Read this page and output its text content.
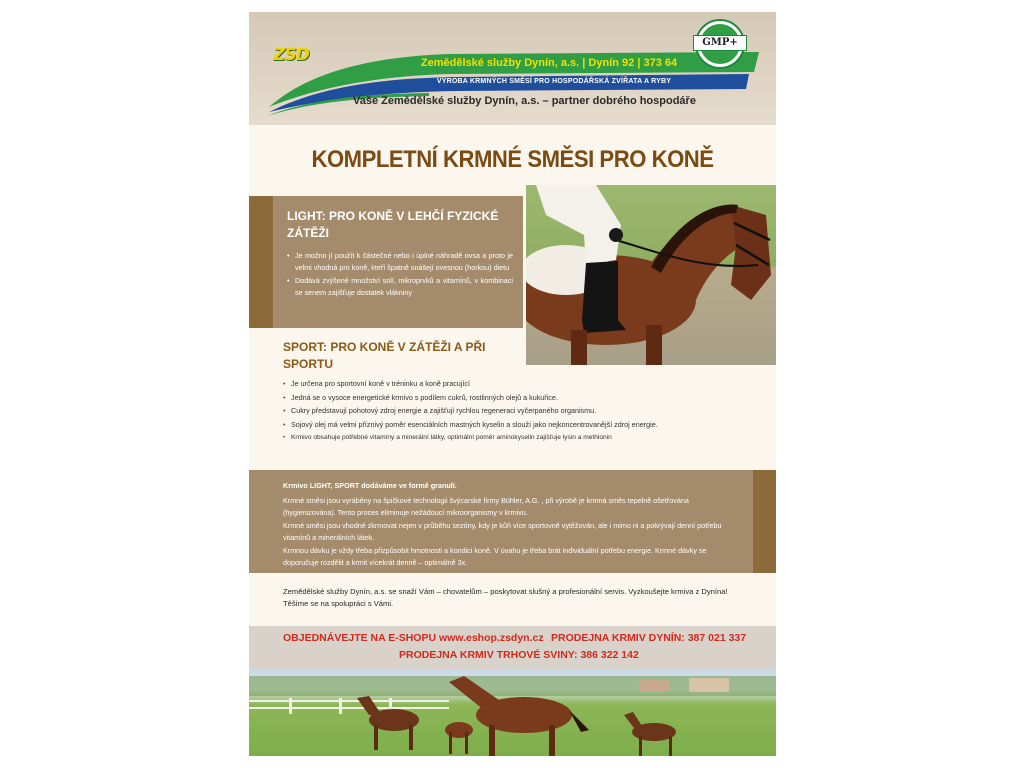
ZSD	Zemědělské služby Dynín, a.s. | Dynín 92 | 373 64
VÝROBA KRMNÝCH SMĚSÍ PRO HOSPODÁŘSKÁ ZVÍŘATA A RYBY
Vaše Zemědělské služby Dynín, a.s. – partner dobrého hospodáře
GMP+
KOMPLETNÍ KRMNÉ SMĚSI PRO KONĚ
LIGHT: PRO KONĚ V LEHČÍ FYZICKÉ ZÁTĚŽI
• Je možno jí použít k částečné nebo i úplné náhradě ovsa a proto je velmi vhodná pro koně, kteří špatně snášejí ovesnou (horkou) dietu
• Dodává zvýšené množství solí, mikroprvků a vitamínů, v kombinaci se senem zajišťuje dostatek vlákniny
SPORT: PRO KONĚ V ZÁTĚŽI A PŘI SPORTU
• Je určena pro sportovní koně v tréninku a koně pracující
• Jedná se o vysoce energetické krmivo s podílem cukrů, rostlinných olejů a kukuřice.
• Cukry představují pohotový zdroj energie a zajišťují rychlou regeneraci vyčerpaného organismu.
• Sojový olej má velmi příznivý poměr esenciálních mastných kyselin a slouží jako nejkoncentrovanější zdroj energie.
• Krmivo obsahuje potřebné vitamíny a minerální látky, optimální poměr aminokyselin zajišťuje lysin a methionin

Krmivo LIGHT, SPORT dodáváme ve formě granulí.

Krmné směsi jsou vyráběny na špičkové technologii švýcarské firmy Bühler, A.G. , při výrobě je krmná směs tepelně ošetřována (hygienizována). Tento proces eliminuje nežádoucí mikroorganismy v krmivu.

Krmné směsi jsou vhodné zkrmovat nejen v průběhu sezóny, kdy je kůň více sportovně vytěžován, ale i mimo ni a pokrývají denní potřebu vitamínů a minerálních látek.

Krmnou dávku je vždy třeba přizpůsobit hmotnosti a kondici koně. V úvahu je třeba brát individuální potřebu energie. Krmné dávky se doporučuje rozdělit a krmit vícekrát denně – optimálně 3x.

Zemědělské služby Dynín, a.s. se snaží Vám – chovatelům – poskytovat slušný a profesionální servis. Vyzkoušejte krmiva z Dynína! Těšíme se na spolupráci s Vámi.

OBJEDNÁVEJTE NA E-SHOPU www.eshop.zsdyn.cz PRODEJNA KRMIV DYNÍN: 387 021 337
PRODEJNA KRMIV TRHOVÉ SVINY: 386 322 142
